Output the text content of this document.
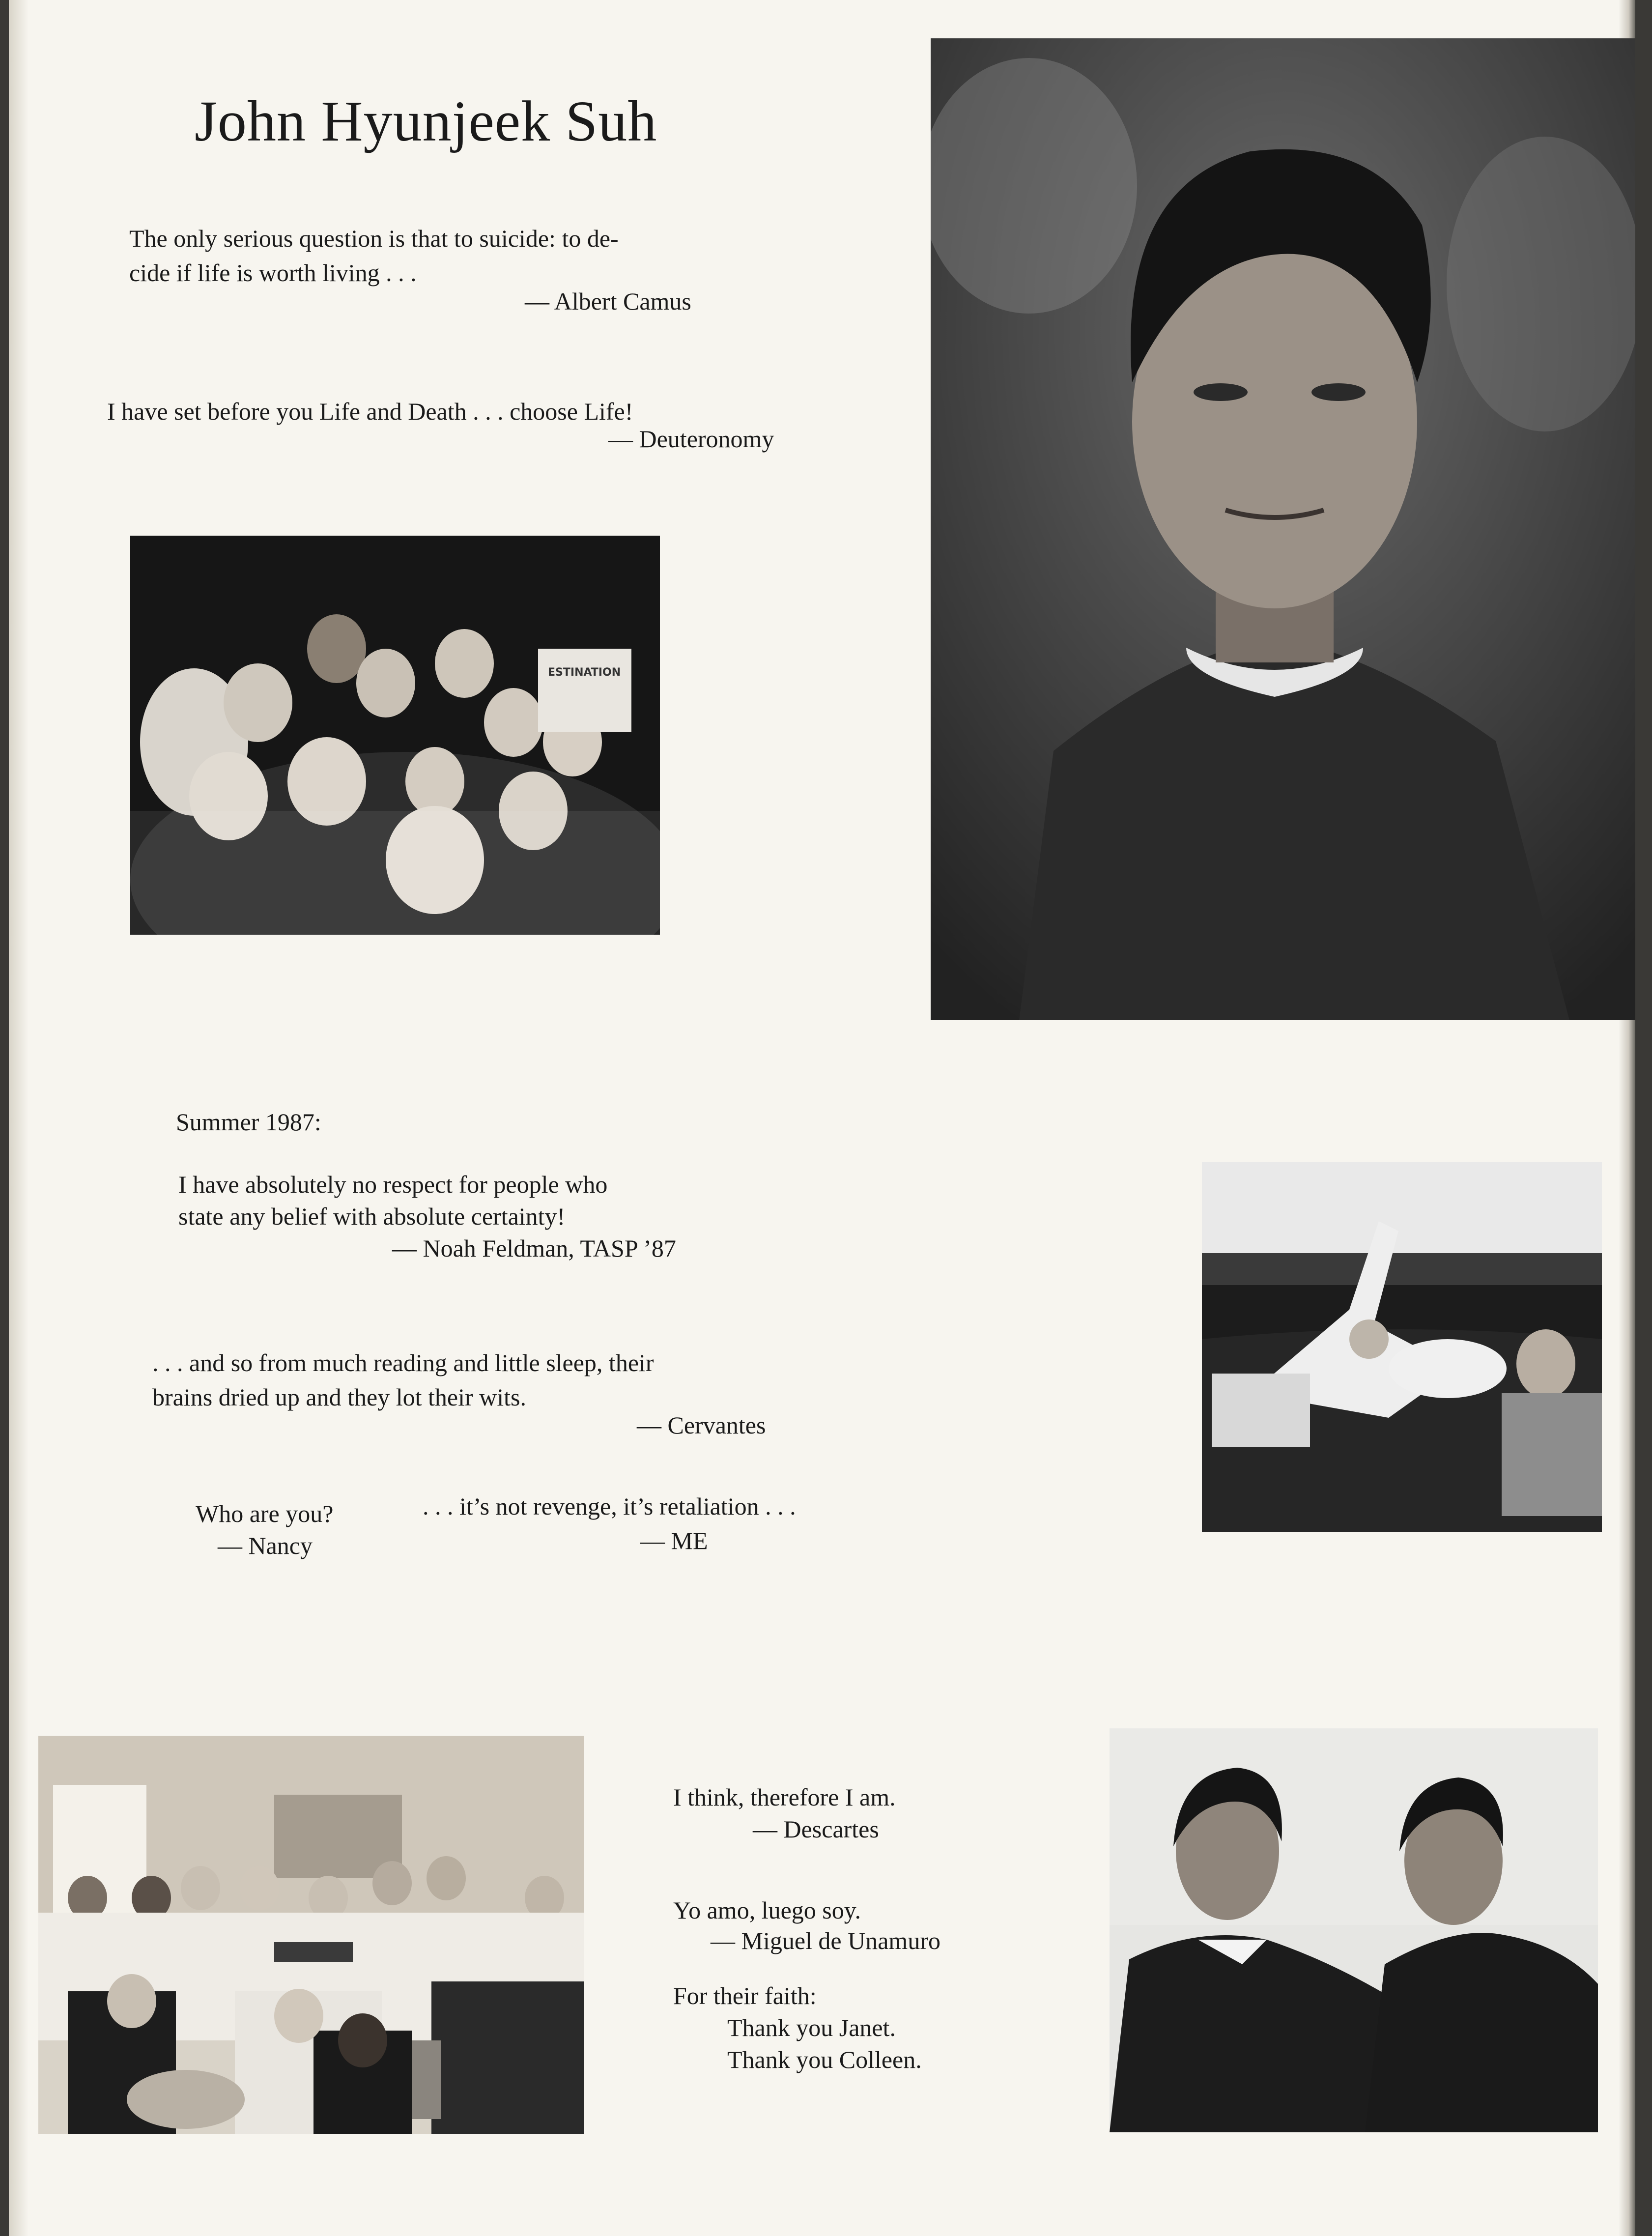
John Hyunjeek Suh
The only serious question is that to suicide: to de-
cide if life is worth living . . .
— Albert Camus
I have set before you Life and Death . . . choose Life!
— Deuteronomy
ESTINATION
Summer 1987:
I have absolutely no respect for people who
state any belief with absolute certainty!
— Noah Feldman, TASP ’87
. . . and so from much reading and little sleep, their
brains dried up and they lot their wits.
— Cervantes
Who are you?
— Nancy
. . . it’s not revenge, it’s retaliation . . .
— ME
I think, therefore I am.
— Descartes
Yo amo, luego soy.
— Miguel de Unamuro
For their faith:
Thank you Janet.
Thank you Colleen.
